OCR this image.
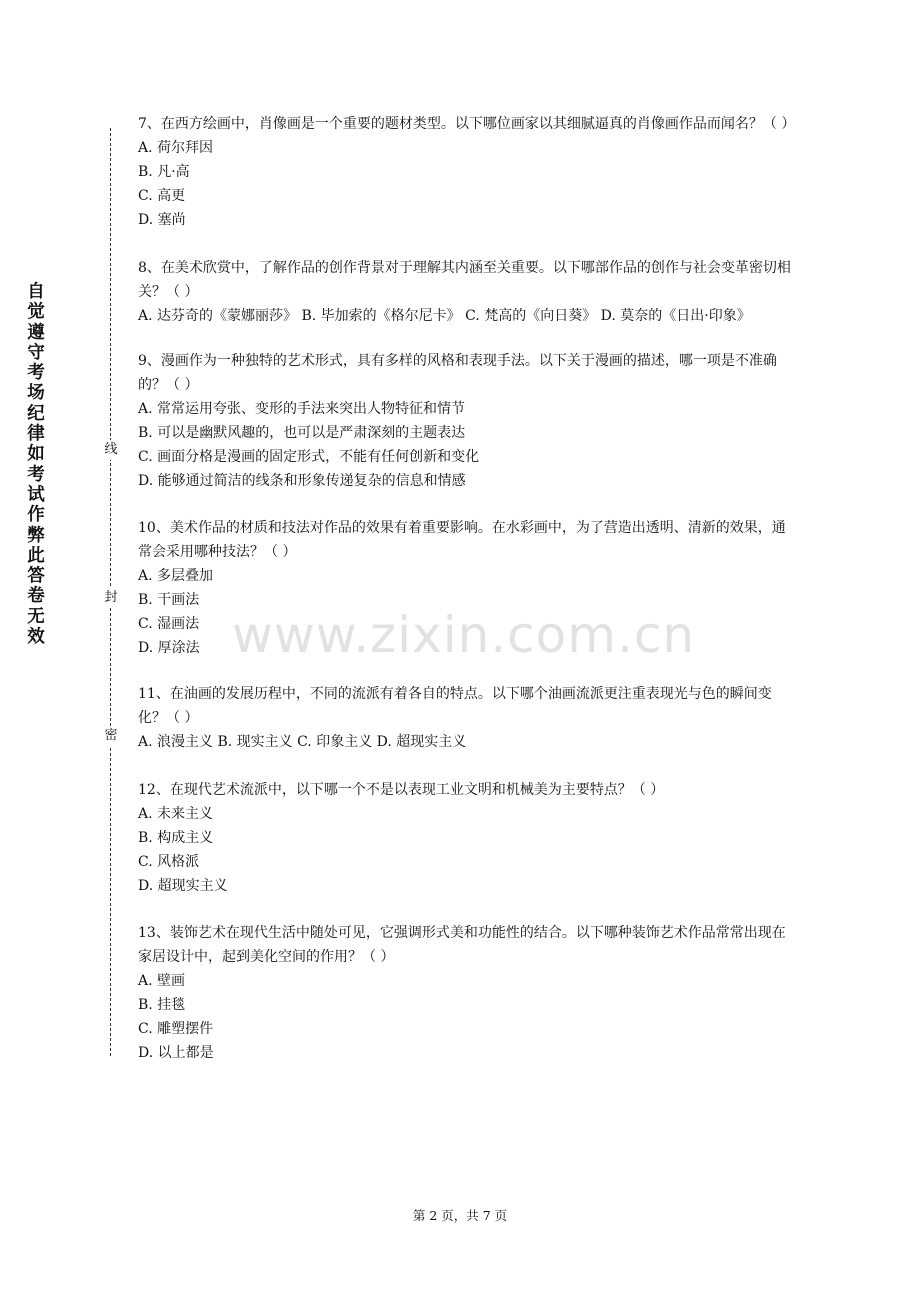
自觉遵守考场纪律如考试作弊此答卷无效
线
封
密

7、在西方绘画中，肖像画是一个重要的题材类型。以下哪位画家以其细腻逼真的肖像画作品而闻名？（ ）

A. 荷尔拜因

B. 凡·高

C. 高更

D. 塞尚

8、在美术欣赏中，了解作品的创作背景对于理解其内涵至关重要。以下哪部作品的创作与社会变革密切相关？（ ）

A. 达芬奇的《蒙娜丽莎》 B. 毕加索的《格尔尼卡》 C. 梵高的《向日葵》 D. 莫奈的《日出·印象》

9、漫画作为一种独特的艺术形式，具有多样的风格和表现手法。以下关于漫画的描述，哪一项是不准确的？（ ）

A. 常常运用夸张、变形的手法来突出人物特征和情节

B. 可以是幽默风趣的，也可以是严肃深刻的主题表达

C. 画面分格是漫画的固定形式，不能有任何创新和变化

D. 能够通过简洁的线条和形象传递复杂的信息和情感

10、美术作品的材质和技法对作品的效果有着重要影响。在水彩画中，为了营造出透明、清新的效果，通常会采用哪种技法？（ ）

A. 多层叠加

B. 干画法

C. 湿画法

D. 厚涂法

11、在油画的发展历程中，不同的流派有着各自的特点。以下哪个油画流派更注重表现光与色的瞬间变化？（ ）

A. 浪漫主义 B. 现实主义 C. 印象主义 D. 超现实主义

12、在现代艺术流派中，以下哪一个不是以表现工业文明和机械美为主要特点？（ ）

A. 未来主义

B. 构成主义

C. 风格派

D. 超现实主义

13、装饰艺术在现代生活中随处可见，它强调形式美和功能性的结合。以下哪种装饰艺术作品常常出现在家居设计中，起到美化空间的作用？（ ）

A. 壁画

B. 挂毯

C. 雕塑摆件

D. 以上都是

www.zixin.com.cn
第 2 页，共 7 页
